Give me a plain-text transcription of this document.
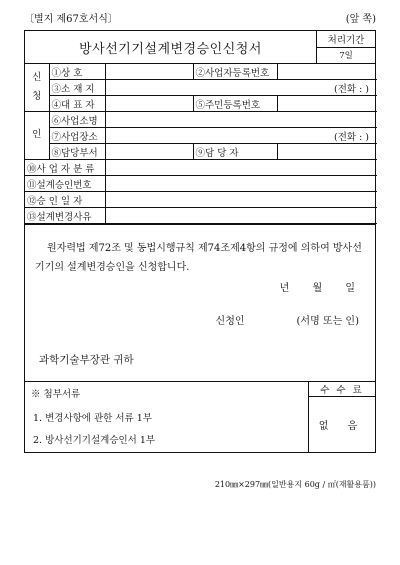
〔별지 제67호서식〕	(앞 쪽)
방사선기기설계변경승인신청서
처리기간
7일
신
청	①상 호		②사업자등록번호	
	③소 재 지	(전화 : )		
	④대 표 자		⑤주민등록번호	
인	⑥사업소명			
	⑦사업장소	(전화 : )		
	⑧담당부서		⑨담 당 자	
⑩사 업 자 분 류				
⑪설계승인번호				
⑫승 인 일 자				
⑬설계변경사유				
원자력법 제72조 및 동법시행규칙 제74조제4항의 규정에 의하여 방사선기기의 설계변경승인을 신청합니다.
년 월 일
신청인	(서명 또는 인)
과학기술부장관 귀하
※ 첨부서류
1. 변경사항에 관한 서류 1부
2. 방사선기기설계승인서 1부
수 수 료
없 음
210㎜×297㎜(일반용지 60g / ㎡(재활용품))
